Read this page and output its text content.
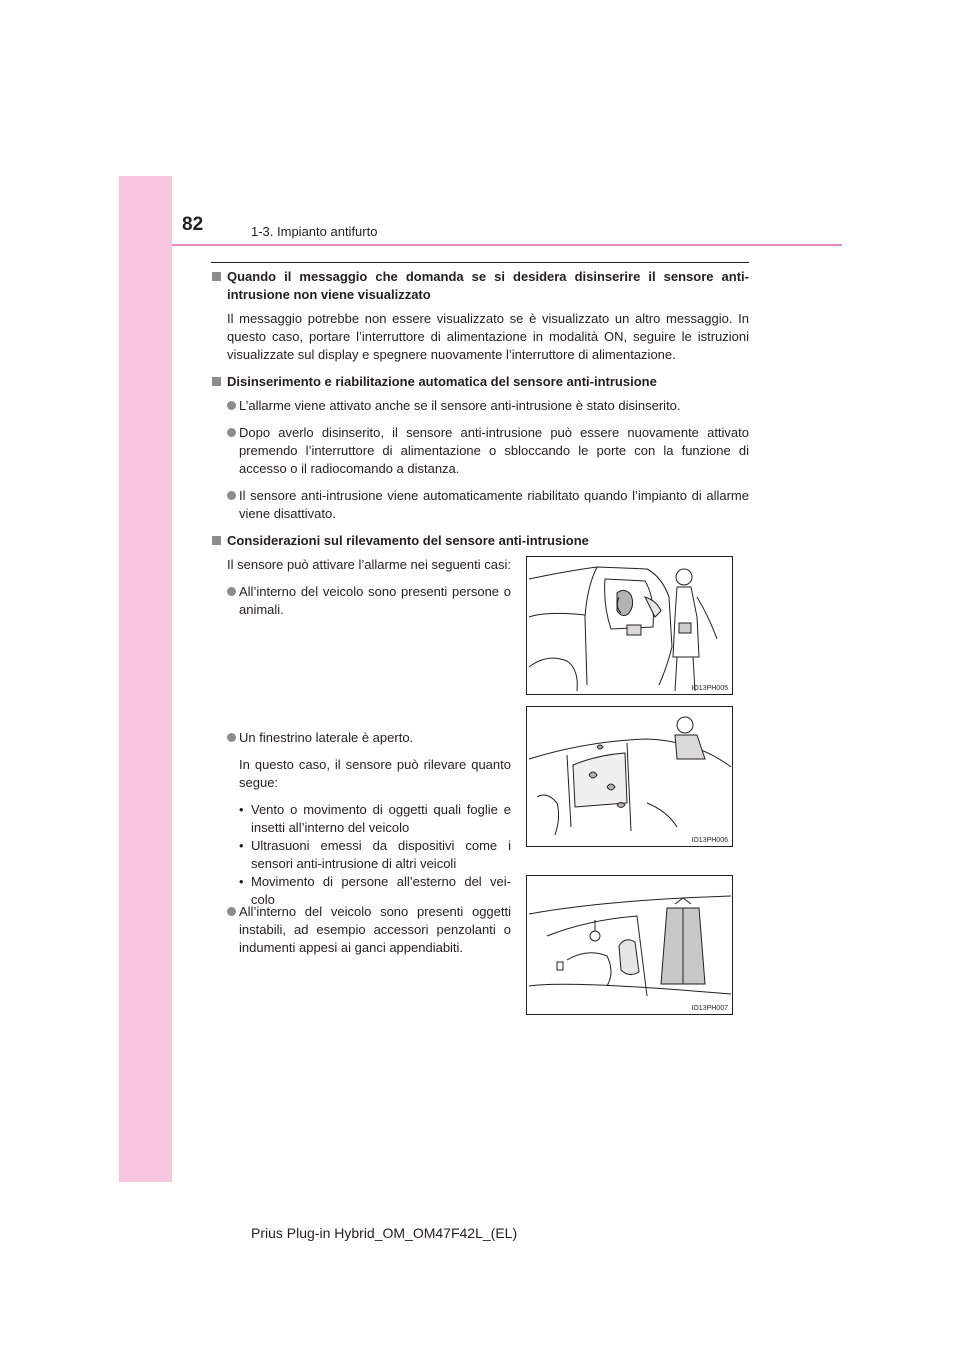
82	1-3. Impianto antifurto
Quando il messaggio che domanda se si desidera disinserire il sensore anti-intrusione non viene visualizzato
Il messaggio potrebbe non essere visualizzato se è visualizzato un altro messaggio. In questo caso, portare l’interruttore di alimentazione in modalità ON, seguire le istruzioni visualizzate sul display e spegnere nuovamente l’interruttore di alimentazione.
Disinserimento e riabilitazione automatica del sensore anti-intrusione
L’allarme viene attivato anche se il sensore anti-intrusione è stato disinserito.
Dopo averlo disinserito, il sensore anti-intrusione può essere nuovamente attivato premendo l’interruttore di alimentazione o sbloccando le porte con la funzione di accesso o il radiocomando a distanza.
Il sensore anti-intrusione viene automaticamente riabilitato quando l’impianto di allarme viene disattivato.
Considerazioni sul rilevamento del sensore anti-intrusione
Il sensore può attivare l’allarme nei seguenti casi:
All’interno del veicolo sono presenti persone o animali.
Un finestrino laterale è aperto.
In questo caso, il sensore può rilevare quanto segue:
• Vento o movimento di oggetti quali foglie e insetti all’interno del veicolo
• Ultrasuoni emessi da dispositivi come i sensori anti-intrusione di altri veicoli
• Movimento di persone all’esterno del vei-colo
All’interno del veicolo sono presenti oggetti instabili, ad esempio accessori penzolanti o indumenti appesi ai ganci appendiabiti.
IO13PH005
IO13PH006
IO13PH007
Prius Plug-in Hybrid_OM_OM47F42L_(EL)
